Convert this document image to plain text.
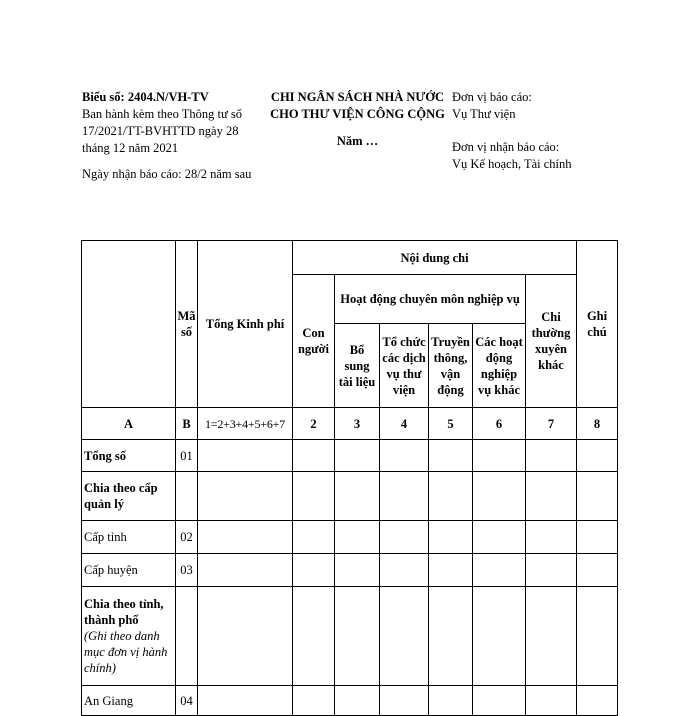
Biểu số: 2404.N/VH-TV
Ban hành kèm theo Thông tư số 17/2021/TT-BVHTTD ngày 28 tháng 12 năm 2021
Ngày nhận báo cáo: 28/2 năm sau
CHI NGÂN SÁCH NHÀ NƯỚC CHO THƯ VIỆN CÔNG CỘNG
Năm …
Đơn vị báo cáo:
Vụ Thư viện
Đơn vị nhận báo cáo:
Vụ Kế hoạch, Tài chính
	Mã số	Tổng Kinh phí	Nội dung chi						Ghi chú
			Con người	Hoạt động chuyên môn nghiệp vụ				Chi thường xuyên khác	
				Bổ sung tài liệu	Tổ chức các dịch vụ thư viện	Truyền thông, vận động	Các hoạt động nghiệp vụ khác		
A	B	1=2+3+4+5+6+7	2	3	4	5	6	7	8
Tổng số	01								
Chia theo cấp quản lý									
Cấp tỉnh	02								
Cấp huyện	03								
Chia theo tỉnh, thành phố
(Ghi theo danh mục đơn vị hành chính)									

An Giang	04								
